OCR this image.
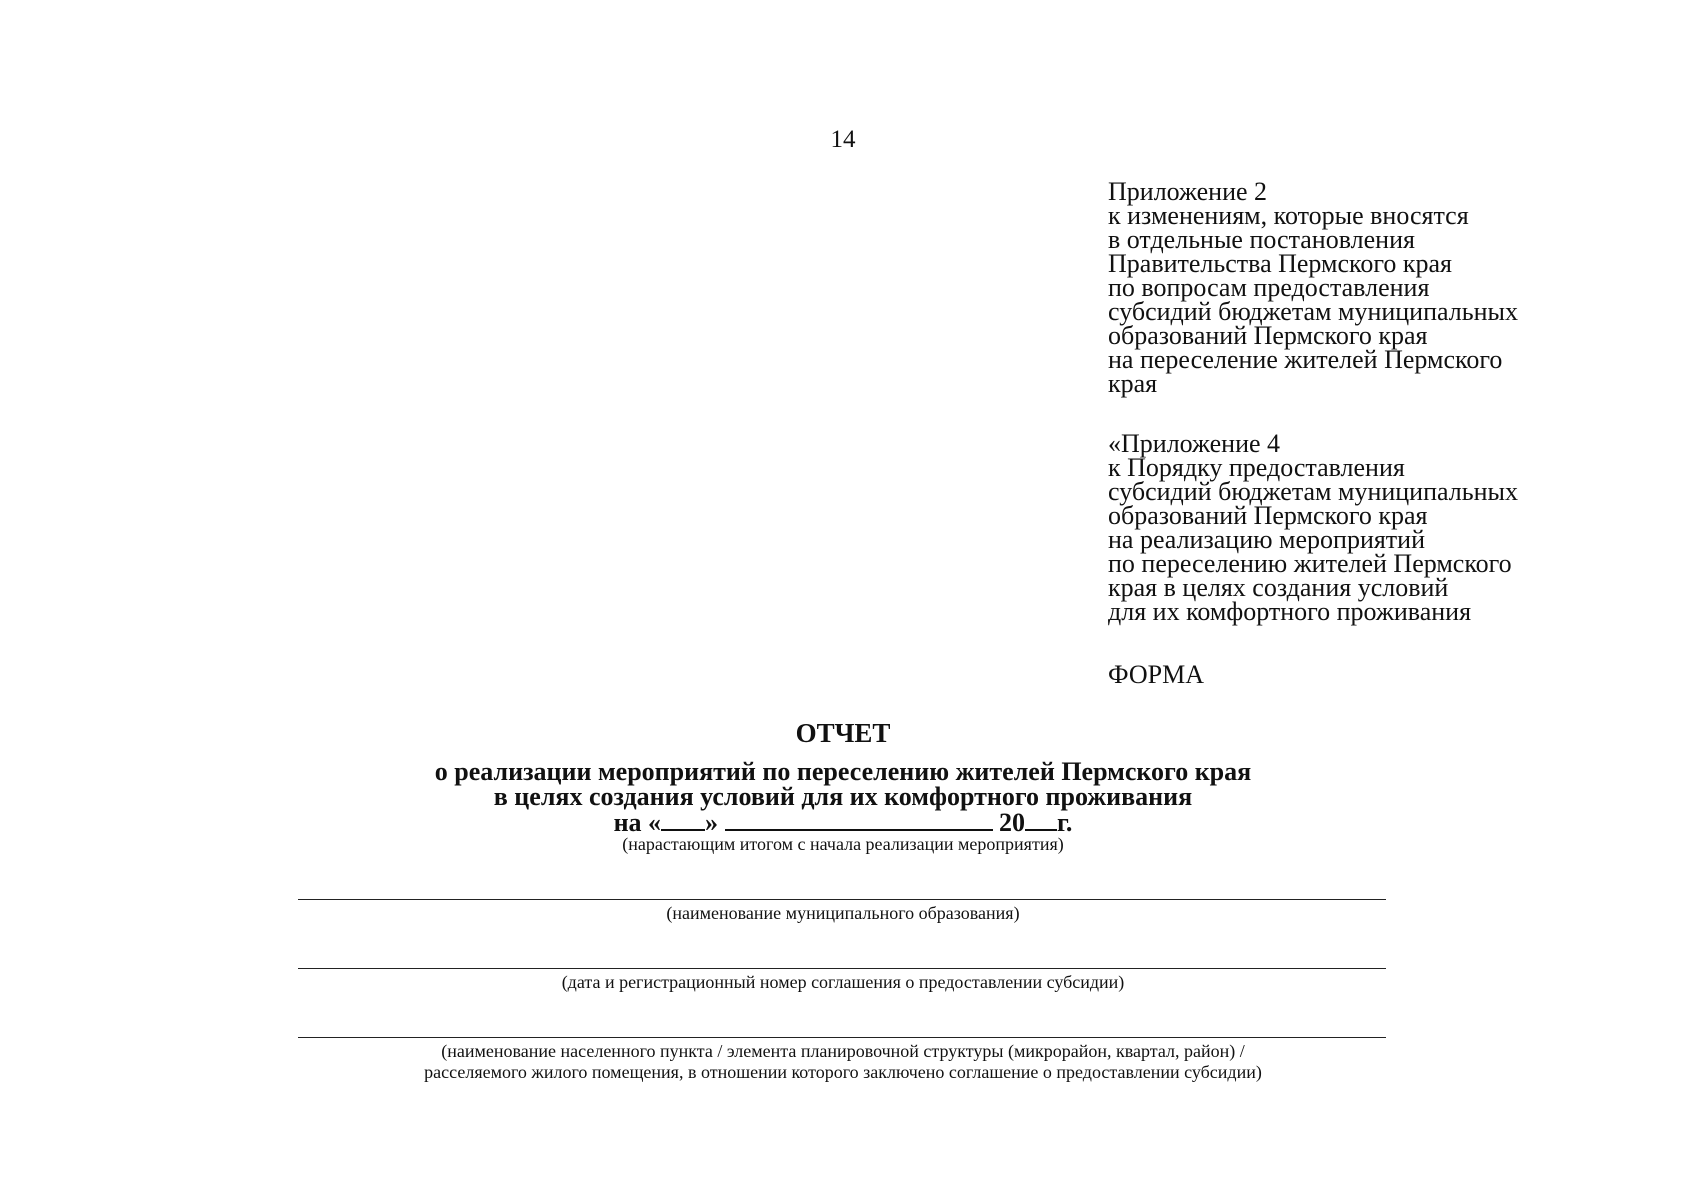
14
Приложение 2
к изменениям, которые вносятся
в отдельные постановления
Правительства Пермского края
по вопросам предоставления
субсидий бюджетам муниципальных
образований Пермского края
на переселение жителей Пермского
края
«Приложение 4
к Порядку предоставления
субсидий бюджетам муниципальных
образований Пермского края
на реализацию мероприятий
по переселению жителей Пермского
края в целях создания условий
для их комфортного проживания
ФОРМА
ОТЧЕТ
о реализации мероприятий по переселению жителей Пермского края
в целях создания условий для их комфортного проживания
на « »	20 г.
(нарастающим итогом с начала реализации мероприятия)
(наименование муниципального образования)
(дата и регистрационный номер соглашения о предоставлении субсидии)
(наименование населенного пункта / элемента планировочной структуры (микрорайон, квартал, район) /
расселяемого жилого помещения, в отношении которого заключено соглашение о предоставлении субсидии)
